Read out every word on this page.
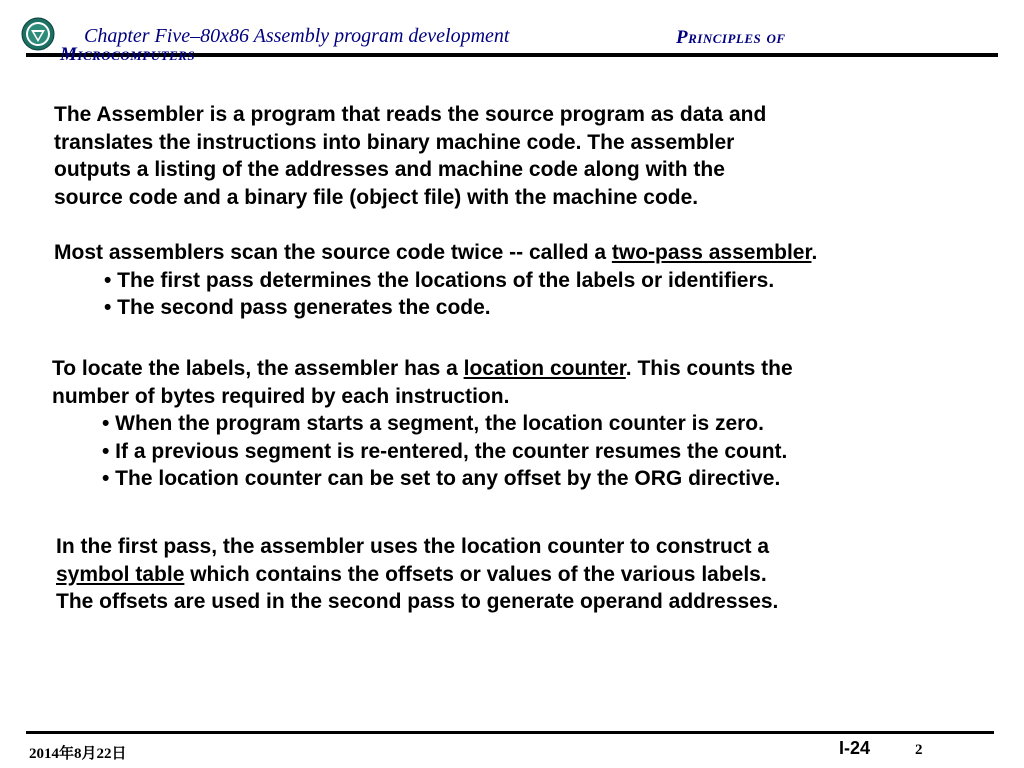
Chapter Five–80x86 Assembly program development	Principles of
Microcomputers
The Assembler is a program that reads the source program as data and
translates the instructions into binary machine code. The assembler
outputs a listing of the addresses and machine code along with the
source code and a binary file (object file) with the machine code.
Most assemblers scan the source code twice -- called a two-pass assembler.
• The first pass determines the locations of the labels or identifiers.
• The second pass generates the code.
To locate the labels, the assembler has a location counter. This counts the
number of bytes required by each instruction.
• When the program starts a segment, the location counter is zero.
• If a previous segment is re-entered, the counter resumes the count.
• The location counter can be set to any offset by the ORG directive.
In the first pass, the assembler uses the location counter to construct a
symbol table which contains the offsets or values of the various labels.
The offsets are used in the second pass to generate operand addresses.
2014年8月22日	I-24	2
